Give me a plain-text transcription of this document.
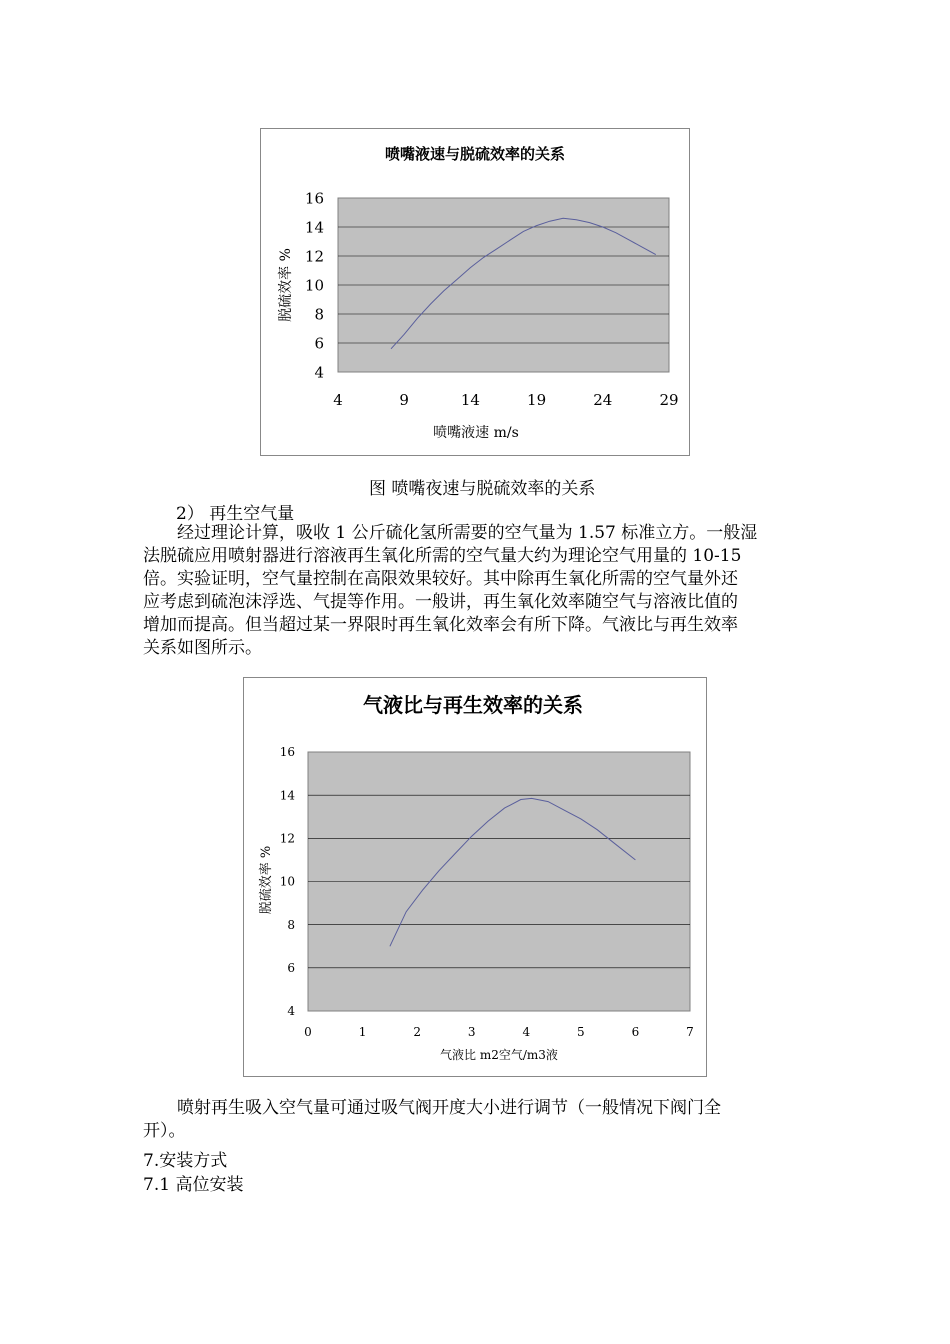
喷嘴液速与脱硫效率的关系
16
14
12
10
8
6
4
4	9	14	19	24	29
喷嘴液速 m/s
脱硫效率 %
图 喷嘴夜速与脱硫效率的关系
2） 再生空气量
经过理论计算，吸收 1 公斤硫化氢所需要的空气量为 1.57 标准立方。一般湿
法脱硫应用喷射器进行溶液再生氧化所需的空气量大约为理论空气用量的 10-15
倍。实验证明，空气量控制在高限效果较好。其中除再生氧化所需的空气量外还
应考虑到硫泡沫浮选、气提等作用。一般讲，再生氧化效率随空气与溶液比值的
增加而提高。但当超过某一界限时再生氧化效率会有所下降。气液比与再生效率
关系如图所示。
气液比与再生效率的关系
16
14
12
10
8
6
4
0	1	2	3	4	5	6	7
气液比 m2空气/m3液
脱硫效率 %
喷射再生吸入空气量可通过吸气阀开度大小进行调节（一般情况下阀门全
开）。
7.安装方式
7.1 高位安装
